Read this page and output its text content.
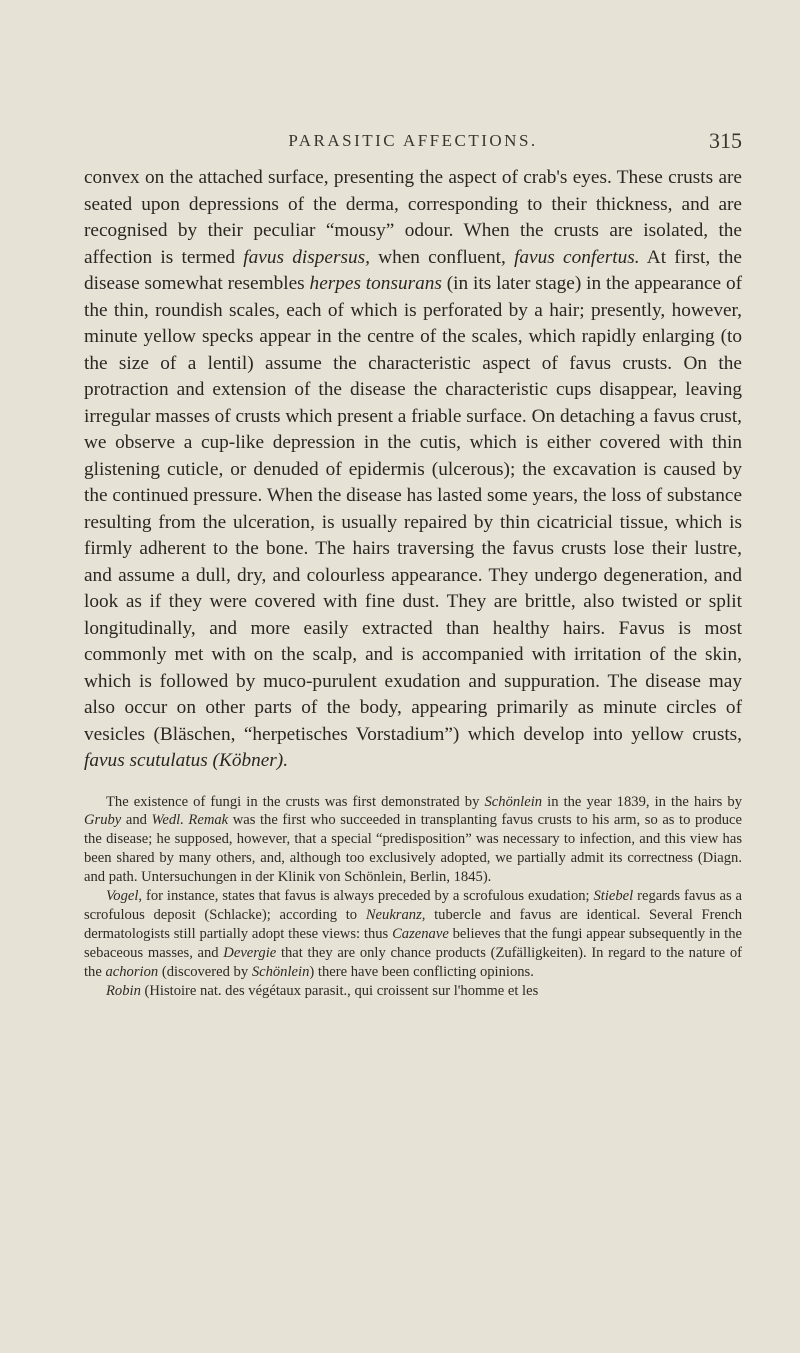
PARASITIC AFFECTIONS.	315

convex on the attached surface, presenting the aspect of crab's eyes. These crusts are seated upon depressions of the derma, corresponding to their thickness, and are recognised by their peculiar “mousy” odour. When the crusts are isolated, the affection is termed favus dispersus, when confluent, favus confertus. At first, the disease somewhat resembles herpes tonsurans (in its later stage) in the appearance of the thin, roundish scales, each of which is perforated by a hair; presently, however, minute yellow specks appear in the centre of the scales, which rapidly enlarging (to the size of a lentil) assume the characteristic aspect of favus crusts. On the protraction and extension of the disease the characteristic cups disappear, leaving irregular masses of crusts which present a friable surface. On detaching a favus crust, we observe a cup-like depression in the cutis, which is either covered with thin glistening cuticle, or denuded of epidermis (ulcerous); the excavation is caused by the continued pressure. When the disease has lasted some years, the loss of substance resulting from the ulceration, is usually repaired by thin cicatricial tissue, which is firmly adherent to the bone. The hairs traversing the favus crusts lose their lustre, and assume a dull, dry, and colourless appearance. They undergo degeneration, and look as if they were covered with fine dust. They are brittle, also twisted or split longitudinally, and more easily extracted than healthy hairs. Favus is most commonly met with on the scalp, and is accompanied with irritation of the skin, which is followed by muco-purulent exudation and suppuration. The disease may also occur on other parts of the body, appearing primarily as minute circles of vesicles (Bläschen, “herpetisches Vorstadium”) which develop into yellow crusts, favus scutulatus (Köbner).

The existence of fungi in the crusts was first demonstrated by Schönlein in the year 1839, in the hairs by Gruby and Wedl. Remak was the first who succeeded in transplanting favus crusts to his arm, so as to produce the disease; he supposed, however, that a special “predisposition” was necessary to infection, and this view has been shared by many others, and, although too exclusively adopted, we partially admit its correctness (Diagn. and path. Untersuchungen in der Klinik von Schönlein, Berlin, 1845).

Vogel, for instance, states that favus is always preceded by a scrofulous exudation; Stiebel regards favus as a scrofulous deposit (Schlacke); according to Neukranz, tubercle and favus are identical. Several French dermatologists still partially adopt these views: thus Cazenave believes that the fungi appear subsequently in the sebaceous masses, and Devergie that they are only chance products (Zufälligkeiten). In regard to the nature of the achorion (discovered by Schönlein) there have been conflicting opinions.

Robin (Histoire nat. des végétaux parasit., qui croissent sur l'homme et les
